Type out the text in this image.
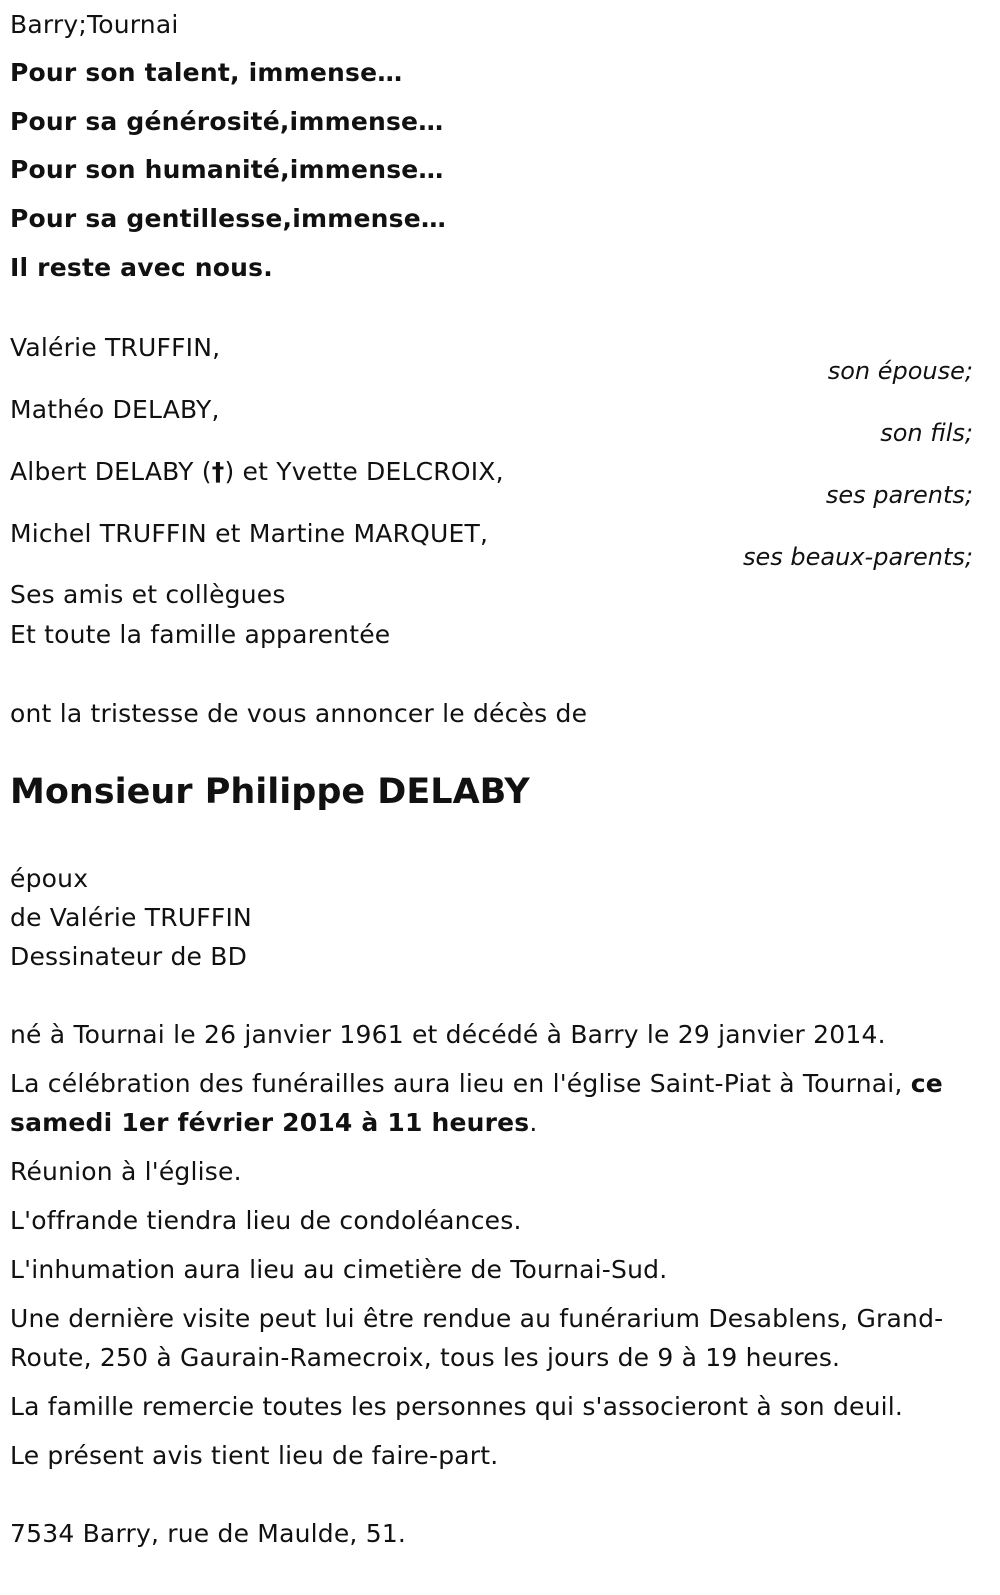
Barry;Tournai
Pour son talent, immense…
Pour sa générosité,immense…
Pour son humanité,immense…
Pour sa gentillesse,immense…
Il reste avec nous.
Valérie TRUFFIN,
son épouse;
Mathéo DELABY,
son fils;
Albert DELABY (†) et Yvette DELCROIX,
ses parents;
Michel TRUFFIN et Martine MARQUET,
ses beaux-parents;
Ses amis et collègues
Et toute la famille apparentée
ont la tristesse de vous annoncer le décès de
Monsieur Philippe DELABY
époux
de Valérie TRUFFIN
Dessinateur de BD
né à Tournai le 26 janvier 1961 et décédé à Barry le 29 janvier 2014.
La célébration des funérailles aura lieu en l'église Saint-Piat à Tournai, ce
samedi 1er février 2014 à 11 heures.
Réunion à l'église.
L'offrande tiendra lieu de condoléances.
L'inhumation aura lieu au cimetière de Tournai-Sud.
Une dernière visite peut lui être rendue au funérarium Desablens, Grand-
Route, 250 à Gaurain-Ramecroix, tous les jours de 9 à 19 heures.
La famille remercie toutes les personnes qui s'associeront à son deuil.
Le présent avis tient lieu de faire-part.
7534 Barry, rue de Maulde, 51.
